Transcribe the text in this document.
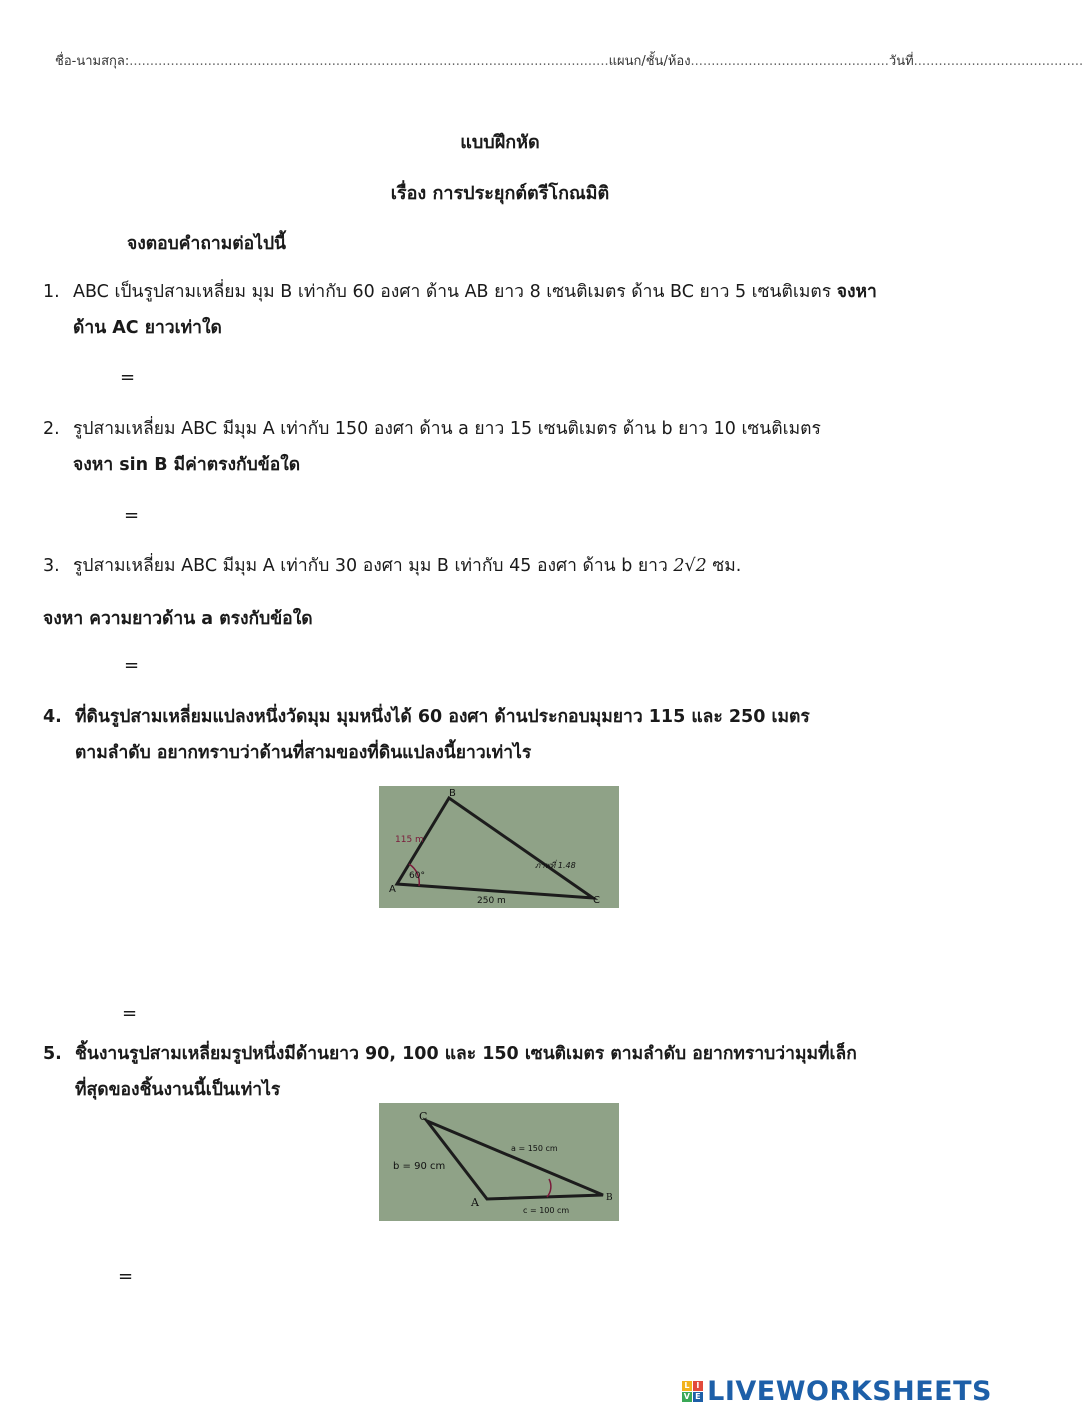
ชื่อ-นามสกุล:....................................................................................................................แผนก/ชั้น/ห้อง................................................วันที่.........................................
แบบฝึกหัด
เรื่อง การประยุกต์ตรีโกณมิติ
จงตอบคำถามต่อไปนี้
1. ABC เป็นรูปสามเหลี่ยม มุม B เท่ากับ 60 องศา ด้าน AB ยาว 8 เซนติเมตร ด้าน BC ยาว 5 เซนติเมตร จงหา
ด้าน AC ยาวเท่าใด
=
2. รูปสามเหลี่ยม ABC มีมุม A เท่ากับ 150 องศา ด้าน a ยาว 15 เซนติเมตร ด้าน b ยาว 10 เซนติเมตร
จงหา sin B มีค่าตรงกับข้อใด
=
3. รูปสามเหลี่ยม ABC มีมุม A เท่ากับ 30 องศา มุม B เท่ากับ 45 องศา ด้าน b ยาว 2√2 ซม.
จงหา ความยาวด้าน a ตรงกับข้อใด
=
4. ที่ดินรูปสามเหลี่ยมแปลงหนึ่งวัดมุม มุมหนึ่งได้ 60 องศา ด้านประกอบมุมยาว 115 และ 250 เมตร
ตามลำดับ อยากทราบว่าด้านที่สามของที่ดินแปลงนี้ยาวเท่าไร
A
B
C
115 m
60°
250 m
ภาพที่ 1.48
=
5. ชิ้นงานรูปสามเหลี่ยมรูปหนึ่งมีด้านยาว 90, 100 และ 150 เซนติเมตร ตามลำดับ อยากทราบว่ามุมที่เล็ก
ที่สุดของชิ้นงานนี้เป็นเท่าไร
C
A	B
a = 150 cm
b = 90 cm
c = 100 cm
=
L I
V E LIVEWORKSHEETS
